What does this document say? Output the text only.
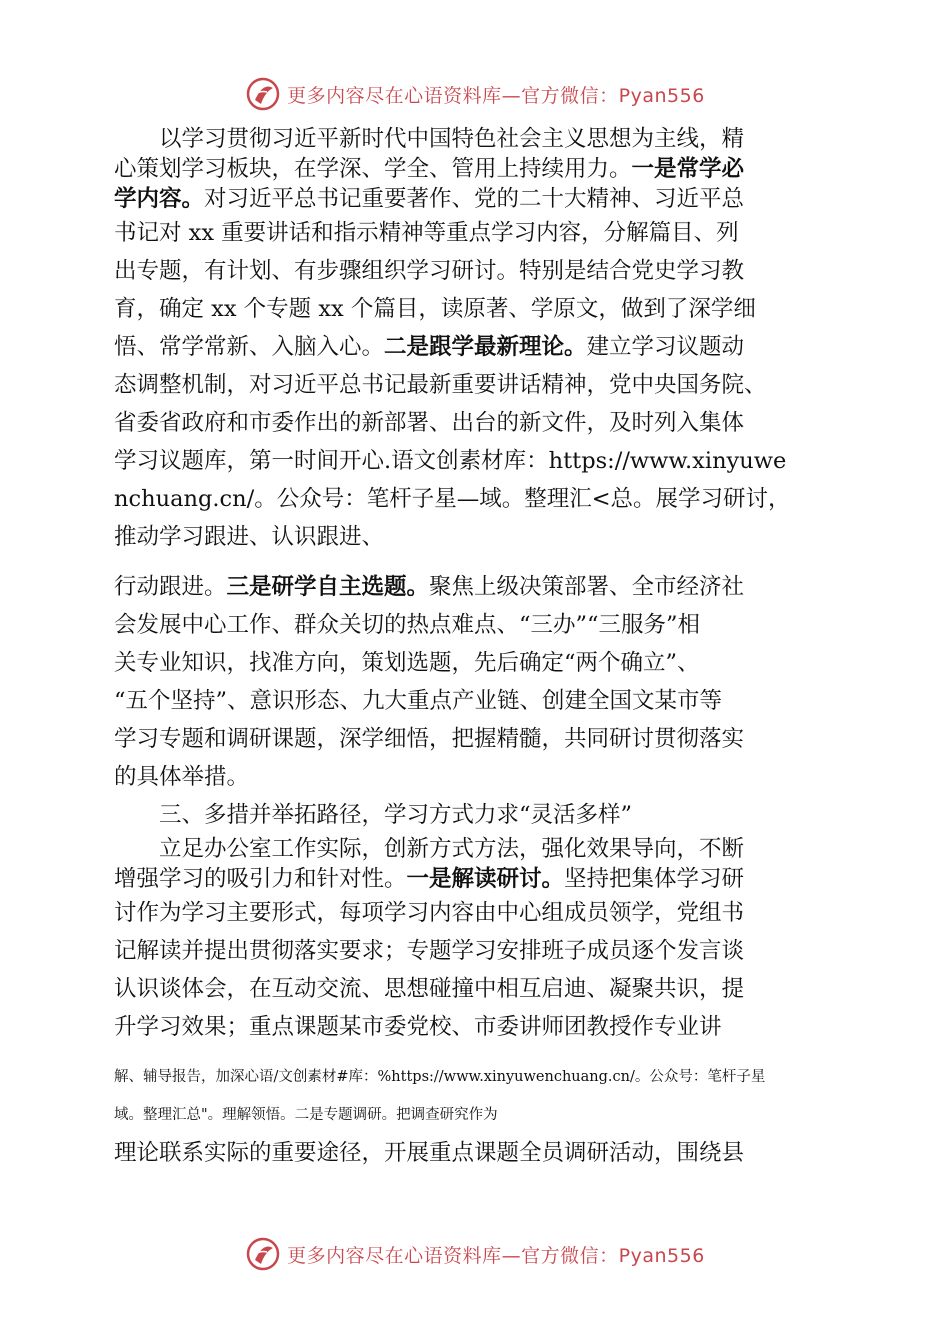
更多内容尽在心语资料库—官方微信：Pyan556
　　以学习贯彻习近平新时代中国特色社会主义思想为主线，精
心策划学习板块，在学深、学全、管用上持续用力。一是常学必
学内容。对习近平总书记重要著作、党的二十大精神、习近平总
书记对 xx 重要讲话和指示精神等重点学习内容，分解篇目、列
出专题，有计划、有步骤组织学习研讨。特别是结合党史学习教
育，确定 xx 个专题 xx 个篇目，读原著、学原文，做到了深学细
悟、常学常新、入脑入心。二是跟学最新理论。建立学习议题动
态调整机制，对习近平总书记最新重要讲话精神，党中央国务院、
省委省政府和市委作出的新部署、出台的新文件，及时列入集体
学习议题库，第一时间开心.语文创素材库：https://www.xinyuwe
nchuang.cn/。公众号：笔杆子星—域。整理汇<总。展学习研讨，
推动学习跟进、认识跟进、
行动跟进。三是研学自主选题。聚焦上级决策部署、全市经济社
会发展中心工作、群众关切的热点难点、“三办”“三服务”相
关专业知识，找准方向，策划选题，先后确定“两个确立”、
“五个坚持”、意识形态、九大重点产业链、创建全国文某市等
学习专题和调研课题，深学细悟，把握精髓，共同研讨贯彻落实
的具体举措。
　　三、多措并举拓路径，学习方式力求“灵活多样”
　　立足办公室工作实际，创新方式方法，强化效果导向，不断
增强学习的吸引力和针对性。一是解读研讨。坚持把集体学习研
讨作为学习主要形式，每项学习内容由中心组成员领学，党组书
记解读并提出贯彻落实要求；专题学习安排班子成员逐个发言谈
认识谈体会，在互动交流、思想碰撞中相互启迪、凝聚共识，提
升学习效果；重点课题某市委党校、市委讲师团教授作专业讲
解、辅导报告，加深心语/文创素材#库：%https://www.xinyuwenchuang.cn/。公众号：笔杆子星
域。整理汇总"。理解领悟。二是专题调研。把调查研究作为
理论联系实际的重要途径，开展重点课题全员调研活动，围绕县
更多内容尽在心语资料库—官方微信：Pyan556
